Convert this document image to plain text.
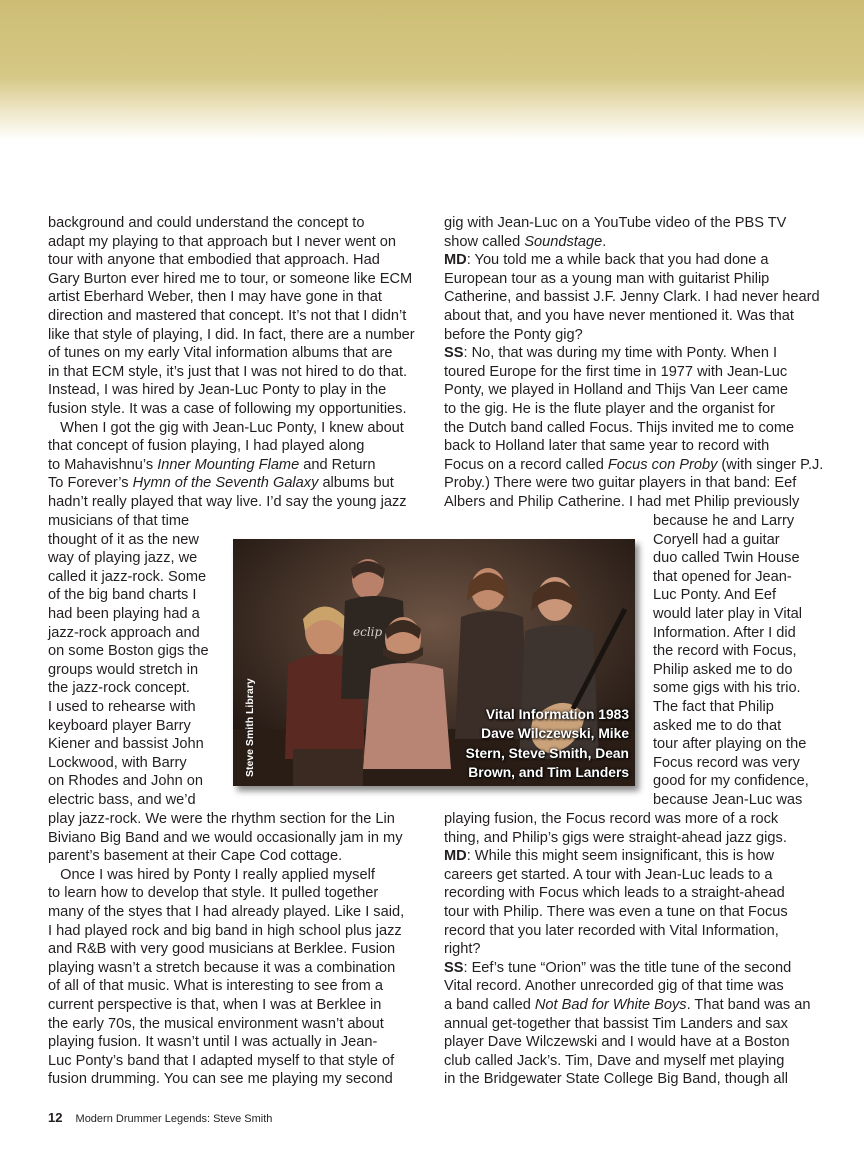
background and could understand the concept to
adapt my playing to that approach but I never went on
tour with anyone that embodied that approach. Had
Gary Burton ever hired me to tour, or someone like ECM
artist Eberhard Weber, then I may have gone in that
direction and mastered that concept. It’s not that I didn’t
like that style of playing, I did. In fact, there are a number
of tunes on my early Vital information albums that are
in that ECM style, it’s just that I was not hired to do that.
Instead, I was hired by Jean-Luc Ponty to play in the
fusion style. It was a case of following my opportunities.
When I got the gig with Jean-Luc Ponty, I knew about
that concept of fusion playing, I had played along
to Mahavishnu’s Inner Mounting Flame and Return
To Forever’s Hymn of the Seventh Galaxy albums but
hadn’t really played that way live. I’d say the young jazz
musicians of that time
thought of it as the new
way of playing jazz, we
called it jazz-rock. Some
of the big band charts I
had been playing had a
jazz-rock approach and
on some Boston gigs the
groups would stretch in
the jazz-rock concept.
I used to rehearse with
keyboard player Barry
Kiener and bassist John
Lockwood, with Barry
on Rhodes and John on
electric bass, and we’d
play jazz-rock. We were the rhythm section for the Lin
Biviano Big Band and we would occasionally jam in my
parent’s basement at their Cape Cod cottage.
Once I was hired by Ponty I really applied myself
to learn how to develop that style. It pulled together
many of the styes that I had already played. Like I said,
I had played rock and big band in high school plus jazz
and R&B with very good musicians at Berklee. Fusion
playing wasn’t a stretch because it was a combination
of all of that music. What is interesting to see from a
current perspective is that, when I was at Berklee in
the early 70s, the musical environment wasn’t about
playing fusion. It wasn’t until I was actually in Jean-
Luc Ponty’s band that I adapted myself to that style of
fusion drumming. You can see me playing my second
gig with Jean-Luc on a YouTube video of the PBS TV
show called Soundstage.
MD: You told me a while back that you had done a
European tour as a young man with guitarist Philip
Catherine, and bassist J.F. Jenny Clark. I had never heard
about that, and you have never mentioned it. Was that
before the Ponty gig?
SS: No, that was during my time with Ponty. When I
toured Europe for the first time in 1977 with Jean-Luc
Ponty, we played in Holland and Thijs Van Leer came
to the gig. He is the flute player and the organist for
the Dutch band called Focus. Thijs invited me to come
back to Holland later that same year to record with
Focus on a record called Focus con Proby (with singer P.J.
Proby.) There were two guitar players in that band: Eef
Albers and Philip Catherine. I had met Philip previously
because he and Larry
Coryell had a guitar
duo called Twin House
that opened for Jean-
Luc Ponty. And Eef
would later play in Vital
Information. After I did
the record with Focus,
Philip asked me to do
some gigs with his trio.
The fact that Philip
asked me to do that
tour after playing on the
Focus record was very
good for my confidence,
because Jean-Luc was
playing fusion, the Focus record was more of a rock
thing, and Philip’s gigs were straight-ahead jazz gigs.
MD: While this might seem insignificant, this is how
careers get started. A tour with Jean-Luc leads to a
recording with Focus which leads to a straight-ahead
tour with Philip. There was even a tune on that Focus
record that you later recorded with Vital Information,
right?
SS: Eef’s tune “Orion” was the title tune of the second
Vital record. Another unrecorded gig of that time was
a band called Not Bad for White Boys. That band was an
annual get-together that bassist Tim Landers and sax
player Dave Wilczewski and I would have at a Boston
club called Jack’s. Tim, Dave and myself met playing
in the Bridgewater State College Big Band, though all
Vital Information 1983
Dave Wilczewski, Mike
Stern, Steve Smith, Dean
Brown, and Tim Landers
eclip
Steve Smith Library
12 Modern Drummer Legends: Steve Smith
